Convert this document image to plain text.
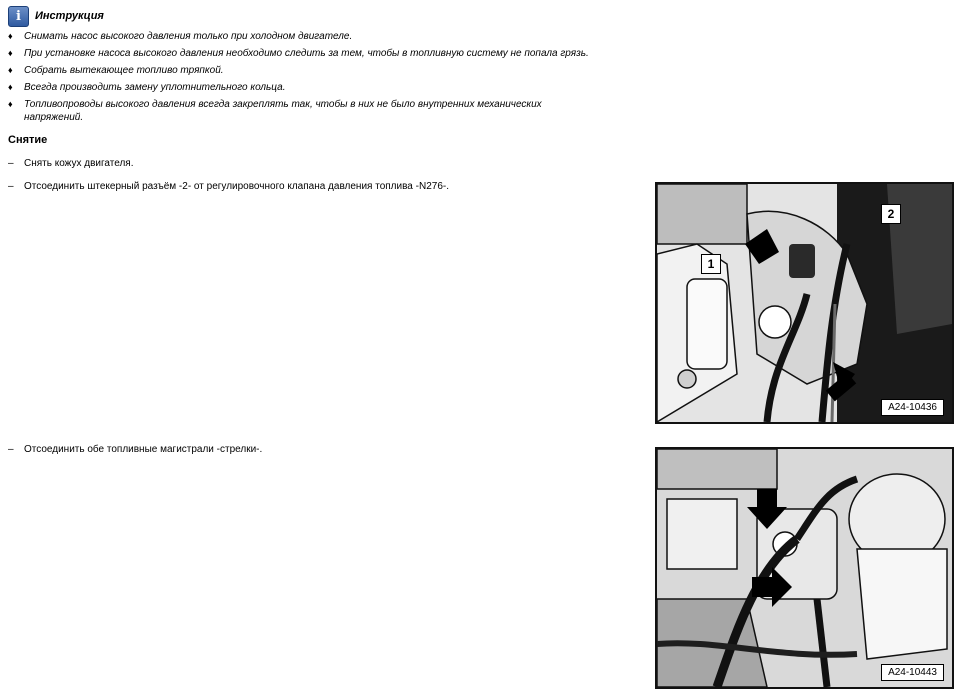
i Инструкция
♦ Снимать насос высокого давления только при холодном двигателе.
♦ При установке насоса высокого давления необходимо следить за тем, чтобы в топливную систему не попала грязь.
♦ Собрать вытекающее топливо тряпкой.
♦ Всегда производить замену уплотнительного кольца.
♦ Топливопроводы высокого давления всегда закреплять так, чтобы в них не было внутренних механических напряжений.
Снятие
– Снять кожух двигателя.
– Отсоединить штекерный разъём -2- от регулировочного клапана давления топлива -N276-.
– Отсоединить обе топливные магистрали -стрелки-.
1
2
A24-10436
A24-10443
